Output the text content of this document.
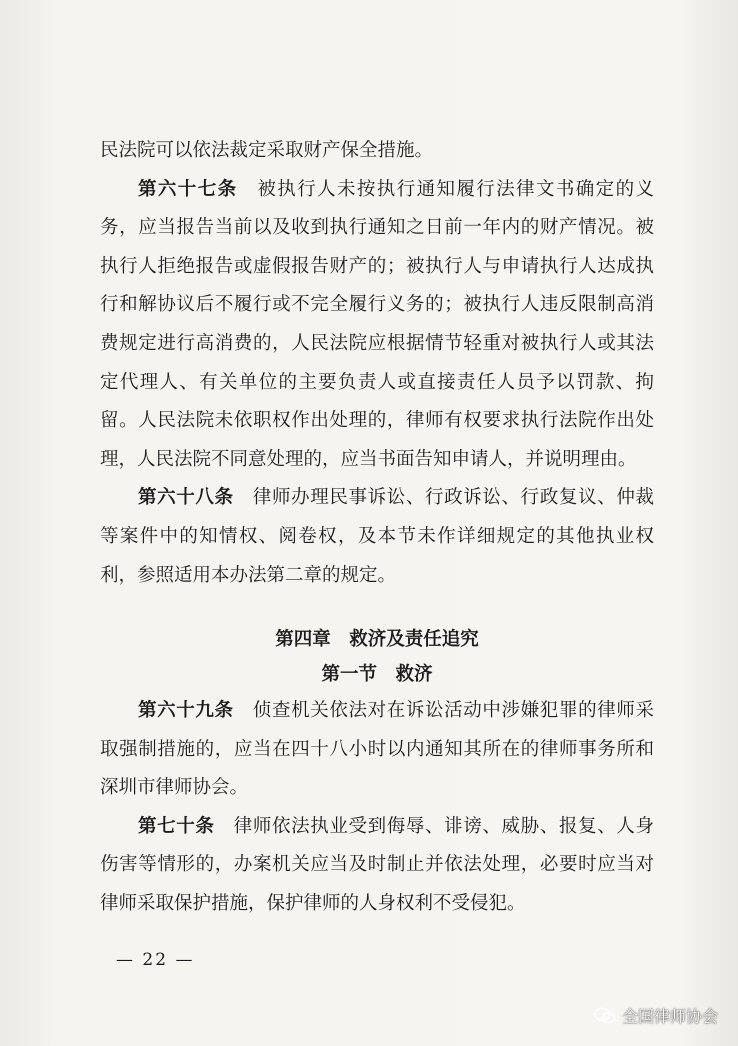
民法院可以依法裁定采取财产保全措施。

第六十七条　 被执行人未按执行通知履行法律文书确定的义务，应当报告当前以及收到执行通知之日前一年内的财产情况。被执行人拒绝报告或虚假报告财产的；被执行人与申请执行人达成执行和解协议后不履行或不完全履行义务的；被执行人违反限制高消费规定进行高消费的，人民法院应根据情节轻重对被执行人或其法定代理人、有关单位的主要负责人或直接责任人员予以罚款、拘留。人民法院未依职权作出处理的，律师有权要求执行法院作出处理，人民法院不同意处理的，应当书面告知申请人，并说明理由。

第六十八条　 律师办理民事诉讼、行政诉讼、行政复议、仲裁等案件中的知情权、阅卷权，及本节未作详细规定的其他执业权利，参照适用本办法第二章的规定。

第四章　救济及责任追究
第一节　救济

第六十九条　 侦查机关依法对在诉讼活动中涉嫌犯罪的律师采取强制措施的，应当在四十八小时以内通知其所在的律师事务所和深圳市律师协会。

第七十条　 律师依法执业受到侮辱、诽谤、威胁、报复、人身伤害等情形的，办案机关应当及时制止并依法处理，必要时应当对律师采取保护措施，保护律师的人身权利不受侵犯。

— 22 —
全国律师协会
